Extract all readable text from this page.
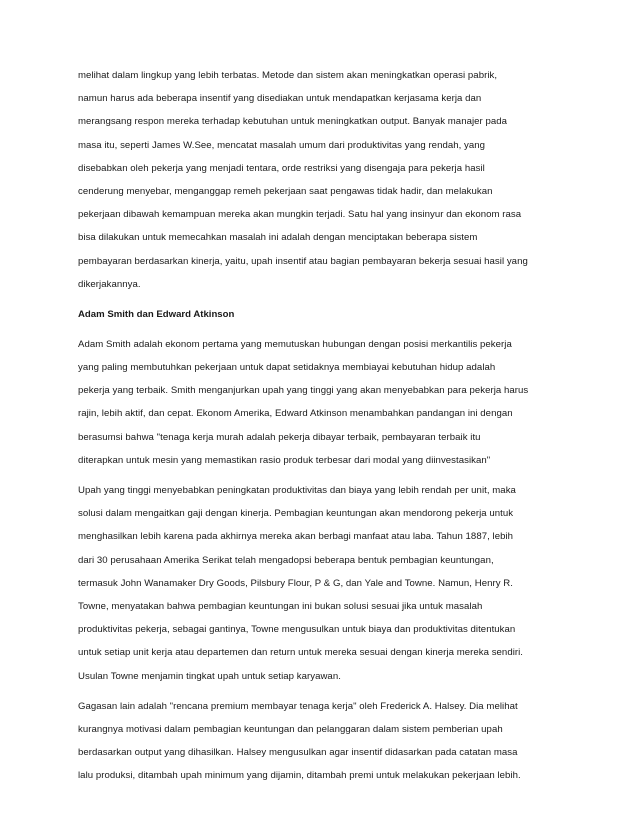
melihat dalam lingkup yang lebih terbatas. Metode dan sistem akan meningkatkan operasi pabrik,
namun harus ada beberapa insentif yang disediakan untuk mendapatkan kerjasama kerja dan
merangsang respon mereka terhadap kebutuhan untuk meningkatkan output. Banyak manajer pada
masa itu, seperti James W.See, mencatat masalah umum dari produktivitas yang rendah, yang
disebabkan oleh pekerja yang menjadi tentara, orde restriksi yang disengaja para pekerja hasil
cenderung menyebar, menganggap remeh pekerjaan saat pengawas tidak hadir, dan melakukan
pekerjaan dibawah kemampuan mereka akan mungkin terjadi. Satu hal yang insinyur dan ekonom rasa
bisa dilakukan untuk memecahkan masalah ini adalah dengan menciptakan beberapa sistem
pembayaran berdasarkan kinerja, yaitu, upah insentif atau bagian pembayaran bekerja sesuai hasil yang
dikerjakannya.
Adam Smith dan Edward Atkinson
Adam Smith adalah ekonom pertama yang memutuskan hubungan dengan posisi merkantilis pekerja
yang paling membutuhkan pekerjaan untuk dapat setidaknya membiayai kebutuhan hidup adalah
pekerja yang terbaik. Smith menganjurkan upah yang tinggi yang akan menyebabkan para pekerja harus
rajin, lebih aktif, dan cepat. Ekonom Amerika, Edward Atkinson menambahkan pandangan ini dengan
berasumsi bahwa "tenaga kerja murah adalah pekerja dibayar terbaik, pembayaran terbaik itu
diterapkan untuk mesin yang memastikan rasio produk terbesar dari modal yang diinvestasikan"
Upah yang tinggi menyebabkan peningkatan produktivitas dan biaya yang lebih rendah per unit, maka
solusi dalam mengaitkan gaji dengan kinerja. Pembagian keuntungan akan mendorong pekerja untuk
menghasilkan lebih karena pada akhirnya mereka akan berbagi manfaat atau laba. Tahun 1887, lebih
dari 30 perusahaan Amerika Serikat telah mengadopsi beberapa bentuk pembagian keuntungan,
termasuk John Wanamaker Dry Goods, Pilsbury Flour, P & G, dan Yale and Towne. Namun, Henry R.
Towne, menyatakan bahwa pembagian keuntungan ini bukan solusi sesuai jika untuk masalah
produktivitas pekerja, sebagai gantinya, Towne mengusulkan untuk biaya dan produktivitas ditentukan
untuk setiap unit kerja atau departemen dan return untuk mereka sesuai dengan kinerja mereka sendiri.
Usulan Towne menjamin tingkat upah untuk setiap karyawan.
Gagasan lain adalah "rencana premium membayar tenaga kerja" oleh Frederick A. Halsey. Dia melihat
kurangnya motivasi dalam pembagian keuntungan dan pelanggaran dalam sistem pemberian upah
berdasarkan output yang dihasilkan. Halsey mengusulkan agar insentif didasarkan pada catatan masa
lalu produksi, ditambah upah minimum yang dijamin, ditambah premi untuk melakukan pekerjaan lebih.
